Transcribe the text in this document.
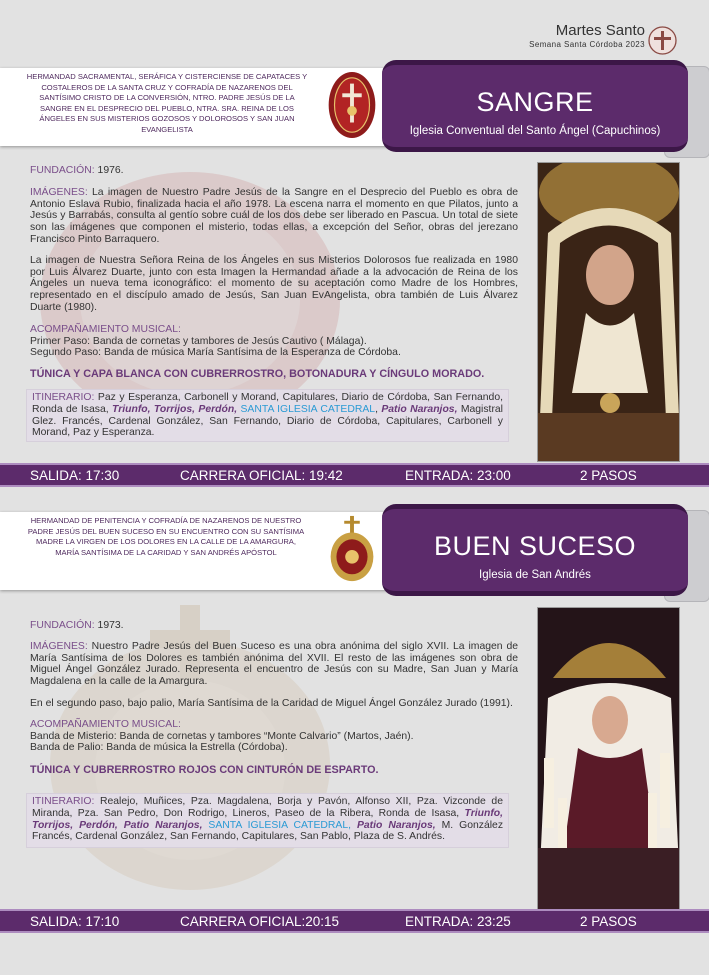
Martes Santo
Semana Santa Córdoba 2023
HERMANDAD SACRAMENTAL, SERÁFICA Y CISTERCIENSE DE CAPATACES Y COSTALEROS DE LA SANTA CRUZ Y COFRADÍA DE NAZARENOS DEL SANTÍSIMO CRISTO DE LA CONVERSIÓN, NTRO. PADRE JESÚS DE LA SANGRE EN EL DESPRECIO DEL PUEBLO, NTRA. SRA. REINA DE LOS ÁNGELES EN SUS MISTERIOS GOZOSOS Y DOLOROSOS Y SAN JUAN EVANGELISTA
SANGRE
Iglesia Conventual del Santo Ángel (Capuchinos)

FUNDACIÓN: 1976.

IMÁGENES: La imagen de Nuestro Padre Jesús de la Sangre en el Desprecio del Pueblo es obra de Antonio Eslava Rubio, finalizada hacia el año 1978. La escena narra el momento en que Pilatos, junto a Jesús y Barrabás, consulta al gentío sobre cuál de los dos debe ser liberado en Pascua. Un total de siete son las imágenes que componen el misterio, todas ellas, a excepción del Señor, obras del jerezano Francisco Pinto Barraquero.

La imagen de Nuestra Señora Reina de los Ángeles en sus Misterios Dolorosos fue realizada en 1980 por Luis Álvarez Duarte, junto con esta Imagen la Hermandad añade a la advocación de Reina de los Ángeles un nueva tema iconográfico: el momento de su aceptación como Madre de los Hombres, representado en el discípulo amado de Jesús, San Juan EvAngelista, obra también de Luis Álvarez Duarte (1980).

ACOMPAÑAMIENTO MUSICAL:
Primer Paso: Banda de cornetas y tambores de Jesús Cautivo ( Málaga).
Segundo Paso: Banda de música María Santísima de la Esperanza de Córdoba.
TÚNICA Y CAPA BLANCA CON CUBRERROSTRO, BOTONADURA Y CÍNGULO MORADO.
ITINERARIO: Paz y Esperanza, Carbonell y Morand, Capitulares, Diario de Córdoba, San Fernando, Ronda de Isasa, Triunfo, Torrijos, Perdón, SANTA IGLESIA CATEDRAL, Patio Naranjos, Magistral Glez. Francés, Cardenal González, San Fernando, Diario de Córdoba, Capitulares, Carbonell y Morand, Paz y Esperanza.
SALIDA: 17:30	CARRERA OFICIAL: 19:42	ENTRADA: 23:00	2 PASOS
HERMANDAD DE PENITENCIA Y COFRADÍA DE NAZARENOS DE NUESTRO PADRE JESÚS DEL BUEN SUCESO EN SU ENCUENTRO CON SU SANTÍSIMA MADRE LA VIRGEN DE LOS DOLORES EN LA CALLE DE LA AMARGURA, MARÍA SANTÍSIMA DE LA CARIDAD Y SAN ANDRÉS APÓSTOL	BUEN SUCESO
Iglesia de San Andrés

FUNDACIÓN: 1973.

IMÁGENES: Nuestro Padre Jesús del Buen Suceso es una obra anónima del siglo XVII. La imagen de María Santísima de los Dolores es también anónima del XVII. El resto de las imágenes son obra de Miguel Ángel González Jurado. Representa el encuentro de Jesús con su Madre, San Juan y María Magdalena en la calle de la Amargura.

En el segundo paso, bajo palio, María Santísima de la Caridad de Miguel Ángel González Jurado (1991).

ACOMPAÑAMIENTO MUSICAL:
Banda de Misterio: Banda de cornetas y tambores “Monte Calvario” (Martos, Jaén).
Banda de Palio: Banda de música la Estrella (Córdoba).
TÚNICA Y CUBRERROSTRO ROJOS CON CINTURÓN DE ESPARTO.
ITINERARIO: Realejo, Muñices, Pza. Magdalena, Borja y Pavón, Alfonso XII, Pza. Vizconde de Miranda, Pza. San Pedro, Don Rodrigo, Lineros, Paseo de la Ribera, Ronda de Isasa, Triunfo, Torrijos, Perdón, Patio Naranjos, SANTA IGLESIA CATEDRAL, Patio Naranjos, M. González Francés, Cardenal González, San Fernando, Capitulares, San Pablo, Plaza de S. Andrés.
SALIDA: 17:10	CARRERA OFICIAL:20:15	ENTRADA: 23:25	2 PASOS
